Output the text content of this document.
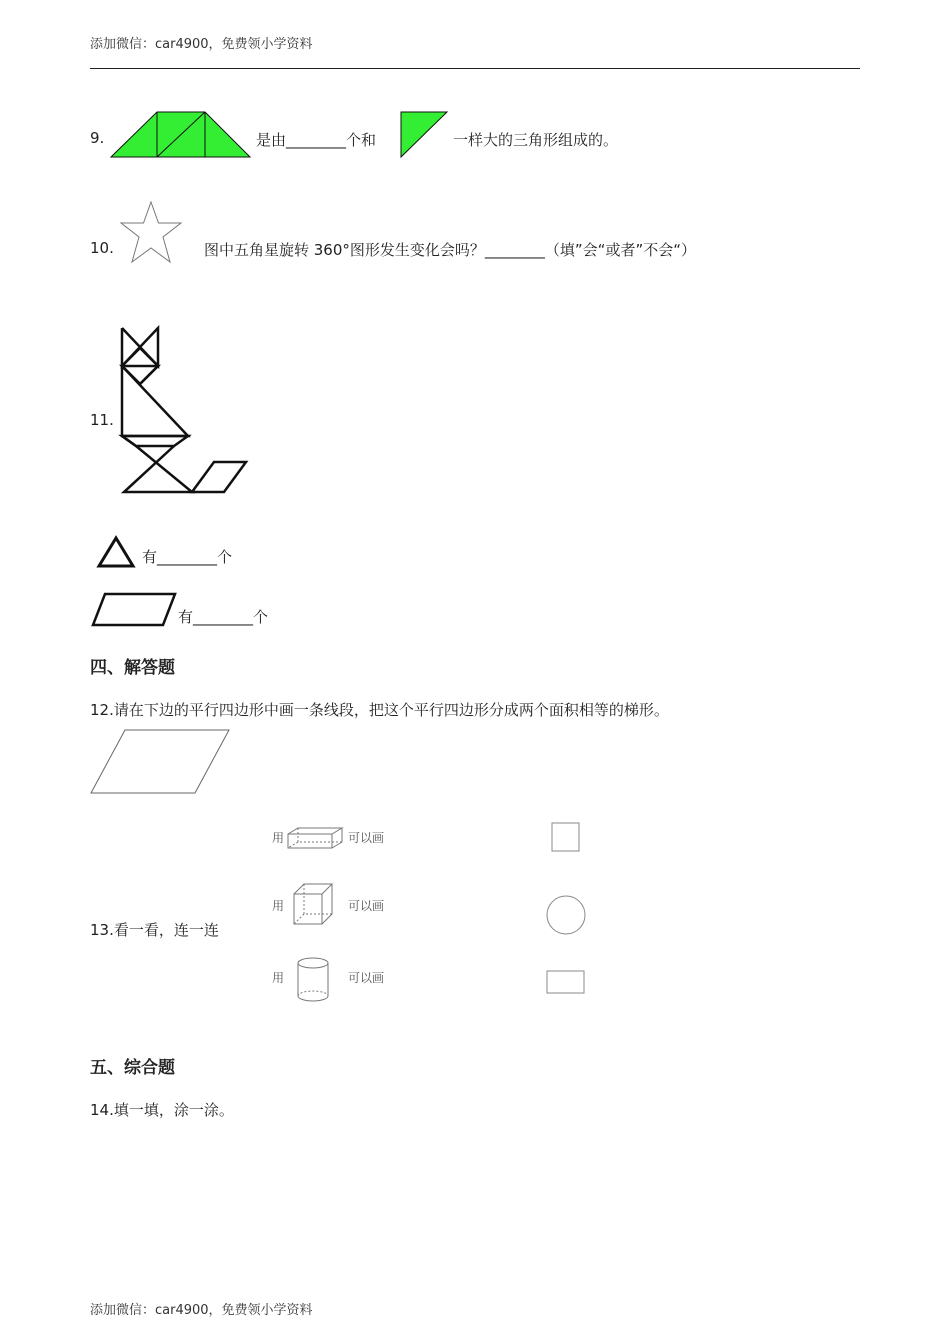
添加微信：car4900，免费领小学资料
9.	是由________个和	一样大的三角形组成的。
10.	图中五角星旋转 360°图形发生变化会吗？________（填”会“或者”不会“）
11.
有________个
有________个
四、解答题
12.请在下边的平行四边形中画一条线段，把这个平行四边形分成两个面积相等的梯形。
13.看一看，连一连
用	可以画
用	可以画
用	可以画
五、综合题
14.填一填，涂一涂。
添加微信：car4900，免费领小学资料
